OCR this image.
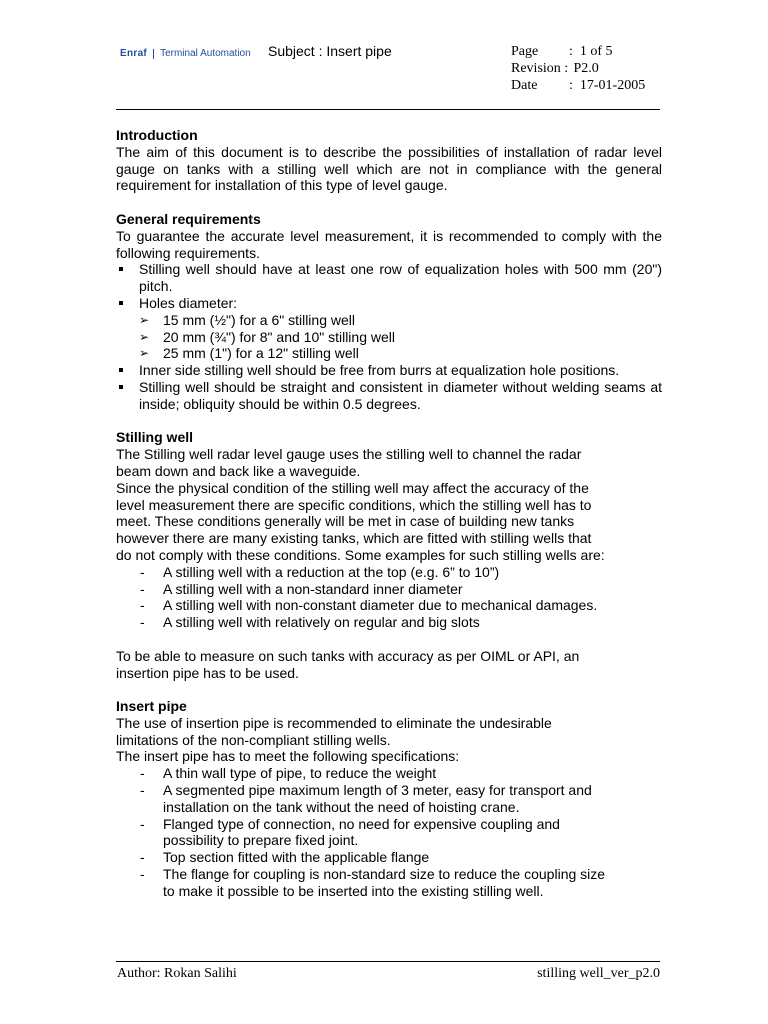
Enraf Terminal Automation Subject : Insert pipe	Page	:  1 of 5
Revision : P2.0
Date	:  17-01-2005

Introduction

The aim of this document is to describe the possibilities of installation of radar level gauge on tanks with a stilling well which are not in compliance with the general requirement for installation of this type of level gauge.

General requirements

To guarantee the accurate level measurement, it is recommended to comply with the following requirements.

Stilling well should have at least one row of equalization holes with 500 mm (20") pitch.
Holes diameter:
➢ 15 mm (½") for a 6" stilling well
➢ 20 mm (¾") for 8" and 10" stilling well
➢ 25 mm (1") for a 12" stilling well
Inner side stilling well should be free from burrs at equalization hole positions.
Stilling well should be straight and consistent in diameter without welding seams at inside; obliquity should be within 0.5 degrees.

Stilling well

The Stilling well radar level gauge uses the stilling well to channel the radar

beam down and back like a waveguide.

Since the physical condition of the stilling well may affect the accuracy of the

level measurement there are specific conditions, which the stilling well has to

meet. These conditions generally will be met in case of building new tanks

however there are many existing tanks, which are fitted with stilling wells that

do not comply with these conditions. Some examples for such stilling wells are:

- A stilling well with a reduction at the top (e.g. 6” to 10”)
- A stilling well with a non-standard inner diameter
- A stilling well with non-constant diameter due to mechanical damages.
- A stilling well with relatively on regular and big slots

To be able to measure on such tanks with accuracy as per OIML or API, an

insertion pipe has to be used.

Insert pipe

The use of insertion pipe is recommended to eliminate the undesirable

limitations of the non-compliant stilling wells.

The insert pipe has to meet the following specifications:

- A thin wall type of pipe, to reduce the weight
- A segmented pipe maximum length of 3 meter, easy for transport and
installation on the tank without the need of hoisting crane.
- Flanged type of connection, no need for expensive coupling and
possibility to prepare fixed joint.
- Top section fitted with the applicable flange
- The flange for coupling is non-standard size to reduce the coupling size
to make it possible to be inserted into the existing stilling well.
Author: Rokan Salihi	stilling well_ver_p2.0
